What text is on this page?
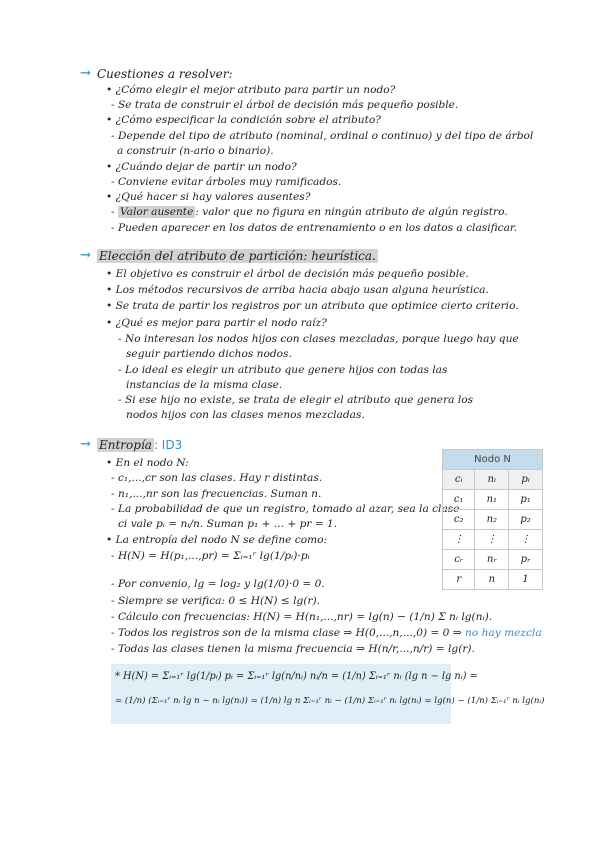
→ Cuestiones a resolver:
• ¿Cómo elegir el mejor atributo para partir un nodo?
- Se trata de construir el árbol de decisión más pequeño posible.
• ¿Cómo especificar la condición sobre el atributo?
- Depende del tipo de atributo (nominal, ordinal o continuo) y del tipo de árbol
a construir (n-ario o binario).
• ¿Cuándo dejar de partir un nodo?
- Conviene evitar árboles muy ramificados.
• ¿Qué hacer si hay valores ausentes?
- Valor ausente : valor que no figura en ningún atributo de algún registro.
- Pueden aparecer en los datos de entrenamiento o en los datos a clasificar.
→ Elección del atributo de partición: heurística.
• El objetivo es construir el árbol de decisión más pequeño posible.
• Los métodos recursivos de arriba hacia abajo usan alguna heurística.
• Se trata de partir los registros por un atributo que optimice cierto criterio.
• ¿Qué es mejor para partir el nodo raíz?
- No interesan los nodos hijos con clases mezcladas, porque luego hay que
seguir partiendo dichos nodos.
- Lo ideal es elegir un atributo que genere hijos con todas las
instancias de la misma clase.
- Si ese hijo no existe, se trata de elegir el atributo que genera los
nodos hijos con las clases menos mezcladas.
→ Entropía : ID3
• En el nodo N:
- c₁,...,cr son las clases. Hay r distintas.
- n₁,...,nr son las frecuencias. Suman n.
- La probabilidad de que un registro, tomado al azar, sea la clase
ci vale pᵢ = nᵢ/n. Suman p₁ + ... + pr = 1.
• La entropía del nodo N se define como:
- H(N) = H(p₁,...,pr) = Σᵢ₌₁ʳ lg(1/pᵢ)·pᵢ
- Por convenio, lg = log₂ y lg(1/0)·0 = 0.
- Siempre se verifica: 0 ≤ H(N) ≤ lg(r).
- Cálculo con frecuencias: H(N) = H(n₁,...,nr) = lg(n) − (1/n) Σ nᵢ lg(nᵢ).
- Todos los registros son de la misma clase ⇒ H(0,...,n,...,0) = 0 ⇒ no hay mezcla
- Todas las clases tienen la misma frecuencia ⇒ H(n/r,...,n/r) = lg(r).
* H(N) = Σᵢ₌₁ʳ lg(1/pᵢ) pᵢ = Σᵢ₌₁ʳ lg(n/nᵢ) nᵢ/n = (1/n) Σᵢ₌₁ʳ nᵢ (lg n − lg nᵢ) =
= (1/n) (Σᵢ₌₁ʳ nᵢ lg n − nᵢ lg(nᵢ)) = (1/n) lg n Σᵢ₌₁ʳ nᵢ − (1/n) Σᵢ₌₁ʳ nᵢ lg(nᵢ) = lg(n) − (1/n) Σᵢ₌₁ʳ nᵢ lg(nᵢ)
Nodo N		
cᵢ	nᵢ	pᵢ
c₁	n₁	p₁
c₂	n₂	p₂
⋮	⋮	⋮
cᵣ	nᵣ	pᵣ
r	n	1
